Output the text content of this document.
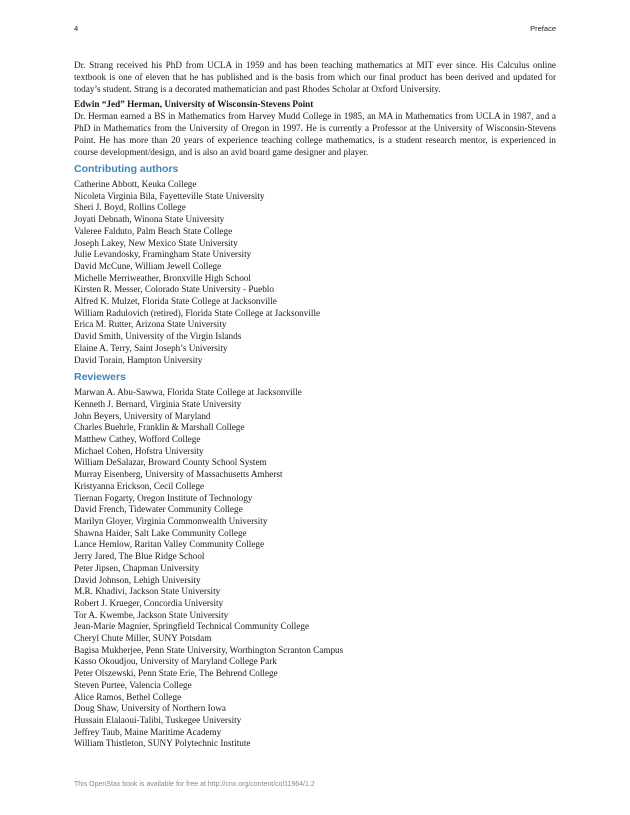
4	Preface

Dr. Strang received his PhD from UCLA in 1959 and has been teaching mathematics at MIT ever since. His Calculus online textbook is one of eleven that he has published and is the basis from which our final product has been derived and updated for today’s student. Strang is a decorated mathematician and past Rhodes Scholar at Oxford University.

Edwin “Jed” Herman, University of Wisconsin-Stevens Point

Dr. Herman earned a BS in Mathematics from Harvey Mudd College in 1985, an MA in Mathematics from UCLA in 1987, and a PhD in Mathematics from the University of Oregon in 1997. He is currently a Professor at the University of Wisconsin-Stevens Point. He has more than 20 years of experience teaching college mathematics, is a student research mentor, is experienced in course development/design, and is also an avid board game designer and player.

Contributing authors
Catherine Abbott, Keuka College
Nicoleta Virginia Bila, Fayetteville State University
Sheri J. Boyd, Rollins College
Joyati Debnath, Winona State University
Valeree Falduto, Palm Beach State College
Joseph Lakey, New Mexico State University
Julie Levandosky, Framingham State University
David McCune, William Jewell College
Michelle Merriweather, Bronxville High School
Kirsten R. Messer, Colorado State University - Pueblo
Alfred K. Mulzet, Florida State College at Jacksonville
William Radulovich (retired), Florida State College at Jacksonville
Erica M. Rutter, Arizona State University
David Smith, University of the Virgin Islands
Elaine A. Terry, Saint Joseph’s University
David Torain, Hampton University
Reviewers
Marwan A. Abu-Sawwa, Florida State College at Jacksonville
Kenneth J. Bernard, Virginia State University
John Beyers, University of Maryland
Charles Buehrle, Franklin & Marshall College
Matthew Cathey, Wofford College
Michael Cohen, Hofstra University
William DeSalazar, Broward County School System
Murray Eisenberg, University of Massachusetts Amherst
Kristyanna Erickson, Cecil College
Tiernan Fogarty, Oregon Institute of Technology
David French, Tidewater Community College
Marilyn Gloyer, Virginia Commonwealth University
Shawna Haider, Salt Lake Community College
Lance Hemlow, Raritan Valley Community College
Jerry Jared, The Blue Ridge School
Peter Jipsen, Chapman University
David Johnson, Lehigh University
M.R. Khadivi, Jackson State University
Robert J. Krueger, Concordia University
Tor A. Kwembe, Jackson State University
Jean-Marie Magnier, Springfield Technical Community College
Cheryl Chute Miller, SUNY Potsdam
Bagisa Mukherjee, Penn State University, Worthington Scranton Campus
Kasso Okoudjou, University of Maryland College Park
Peter Olszewski, Penn State Erie, The Behrend College
Steven Purtee, Valencia College
Alice Ramos, Bethel College
Doug Shaw, University of Northern Iowa
Hussain Elalaoui-Talibi, Tuskegee University
Jeffrey Taub, Maine Maritime Academy
William Thistleton, SUNY Polytechnic Institute
This OpenStax book is available for free at http://cnx.org/content/col11964/1.2
